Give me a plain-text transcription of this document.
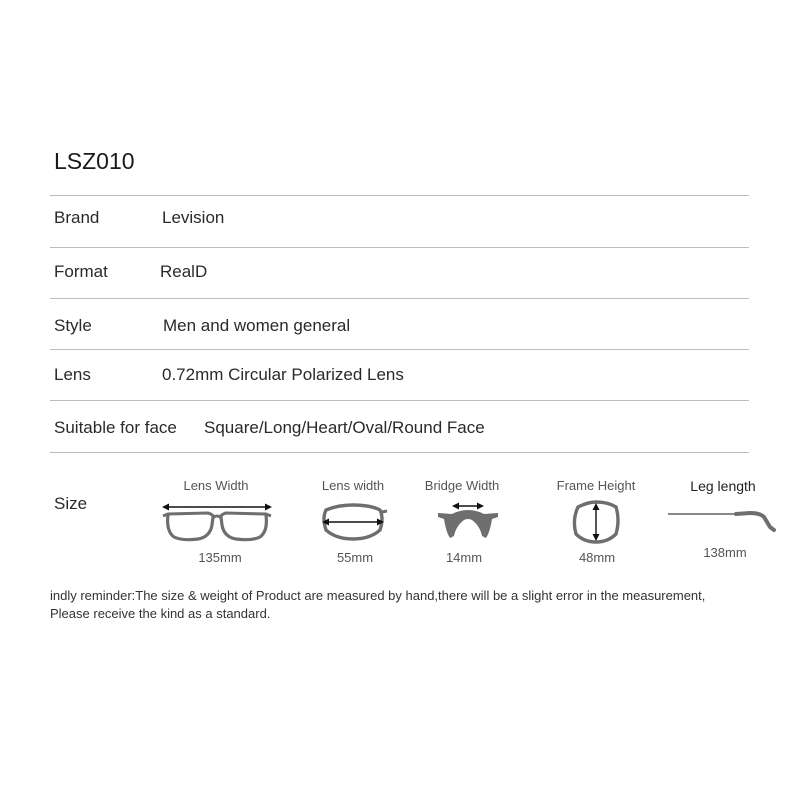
LSZ010
Brand	Levision
Format	RealD
Style	Men and women general
Lens	0.72mm Circular Polarized Lens
Suitable for face Square/Long/Heart/Oval/Round Face
Size
Lens Width
135mm
Lens width
55mm
Bridge Width
14mm
Frame Height
48mm
Leg length
138mm
indly reminder:The size & weight of Product are measured by hand,there will be a slight error in the measurement,
Please receive the kind as a standard.
